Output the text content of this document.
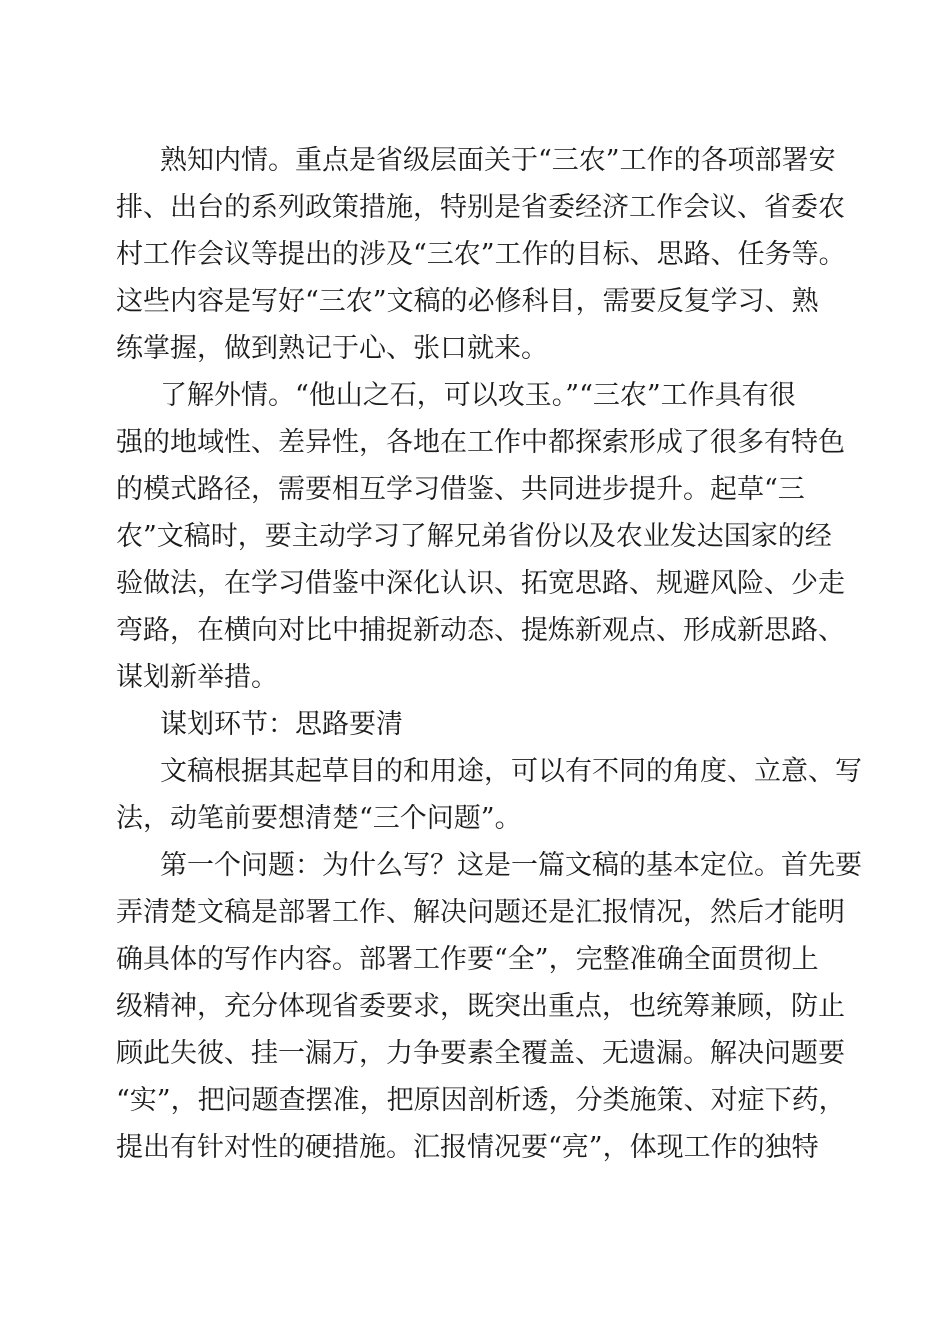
熟知内情。重点是省级层面关于“三农”工作的各项部署安
排、出台的系列政策措施，特别是省委经济工作会议、省委农
村工作会议等提出的涉及“三农”工作的目标、思路、任务等。
这些内容是写好“三农”文稿的必修科目，需要反复学习、熟
练掌握，做到熟记于心、张口就来。
了解外情。“他山之石，可以攻玉。”“三农”工作具有很
强的地域性、差异性，各地在工作中都探索形成了很多有特色
的模式路径，需要相互学习借鉴、共同进步提升。起草“三
农”文稿时，要主动学习了解兄弟省份以及农业发达国家的经
验做法，在学习借鉴中深化认识、拓宽思路、规避风险、少走
弯路，在横向对比中捕捉新动态、提炼新观点、形成新思路、
谋划新举措。
谋划环节：思路要清
文稿根据其起草目的和用途，可以有不同的角度、立意、写
法，动笔前要想清楚“三个问题”。
第一个问题：为什么写？这是一篇文稿的基本定位。首先要
弄清楚文稿是部署工作、解决问题还是汇报情况，然后才能明
确具体的写作内容。部署工作要“全”，完整准确全面贯彻上
级精神，充分体现省委要求，既突出重点，也统筹兼顾，防止
顾此失彼、挂一漏万，力争要素全覆盖、无遗漏。解决问题要
“实”，把问题查摆准，把原因剖析透，分类施策、对症下药，
提出有针对性的硬措施。汇报情况要“亮”，体现工作的独特
